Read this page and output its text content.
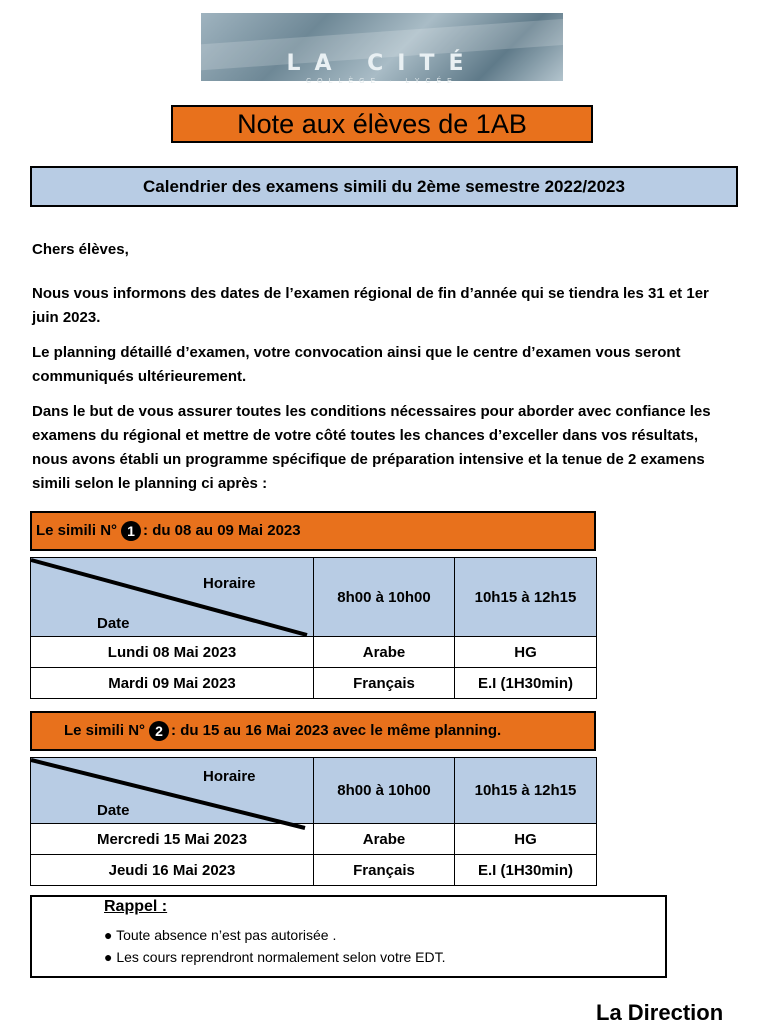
LA CITÉ
COLLÈGE · LYCÉE
Note aux élèves de 1AB
Calendrier des examens simili du 2ème semestre 2022/2023
Chers élèves,
Nous vous informons des dates de l’examen régional de fin d’année qui se tiendra les 31 et 1er juin 2023.
Le planning détaillé d’examen, votre convocation ainsi que le centre d’examen vous seront communiqués ultérieurement.
Dans le but de vous assurer toutes les conditions nécessaires pour aborder avec confiance les examens du régional et mettre de votre côté toutes les chances d’exceller dans vos résultats, nous avons établi un programme spécifique de préparation intensive et la tenue de 2 examens simili selon le planning ci après :
Le simili N° 1 : du 08 au 09 Mai 2023
Horaire
Date	8h00 à 10h00	10h15 à 12h15
Lundi 08 Mai 2023	Arabe	HG
Mardi 09 Mai 2023	Français	E.I (1H30min)
Le simili N° 2 : du 15 au 16 Mai 2023 avec le même planning.
Horaire
Date	8h00 à 10h00	10h15 à 12h15
Mercredi 15 Mai 2023	Arabe	HG
Jeudi 16 Mai 2023	Français	E.I (1H30min)
Rappel :
● Toute absence n’est pas autorisée .
● Les cours reprendront normalement selon votre EDT.
La Direction
